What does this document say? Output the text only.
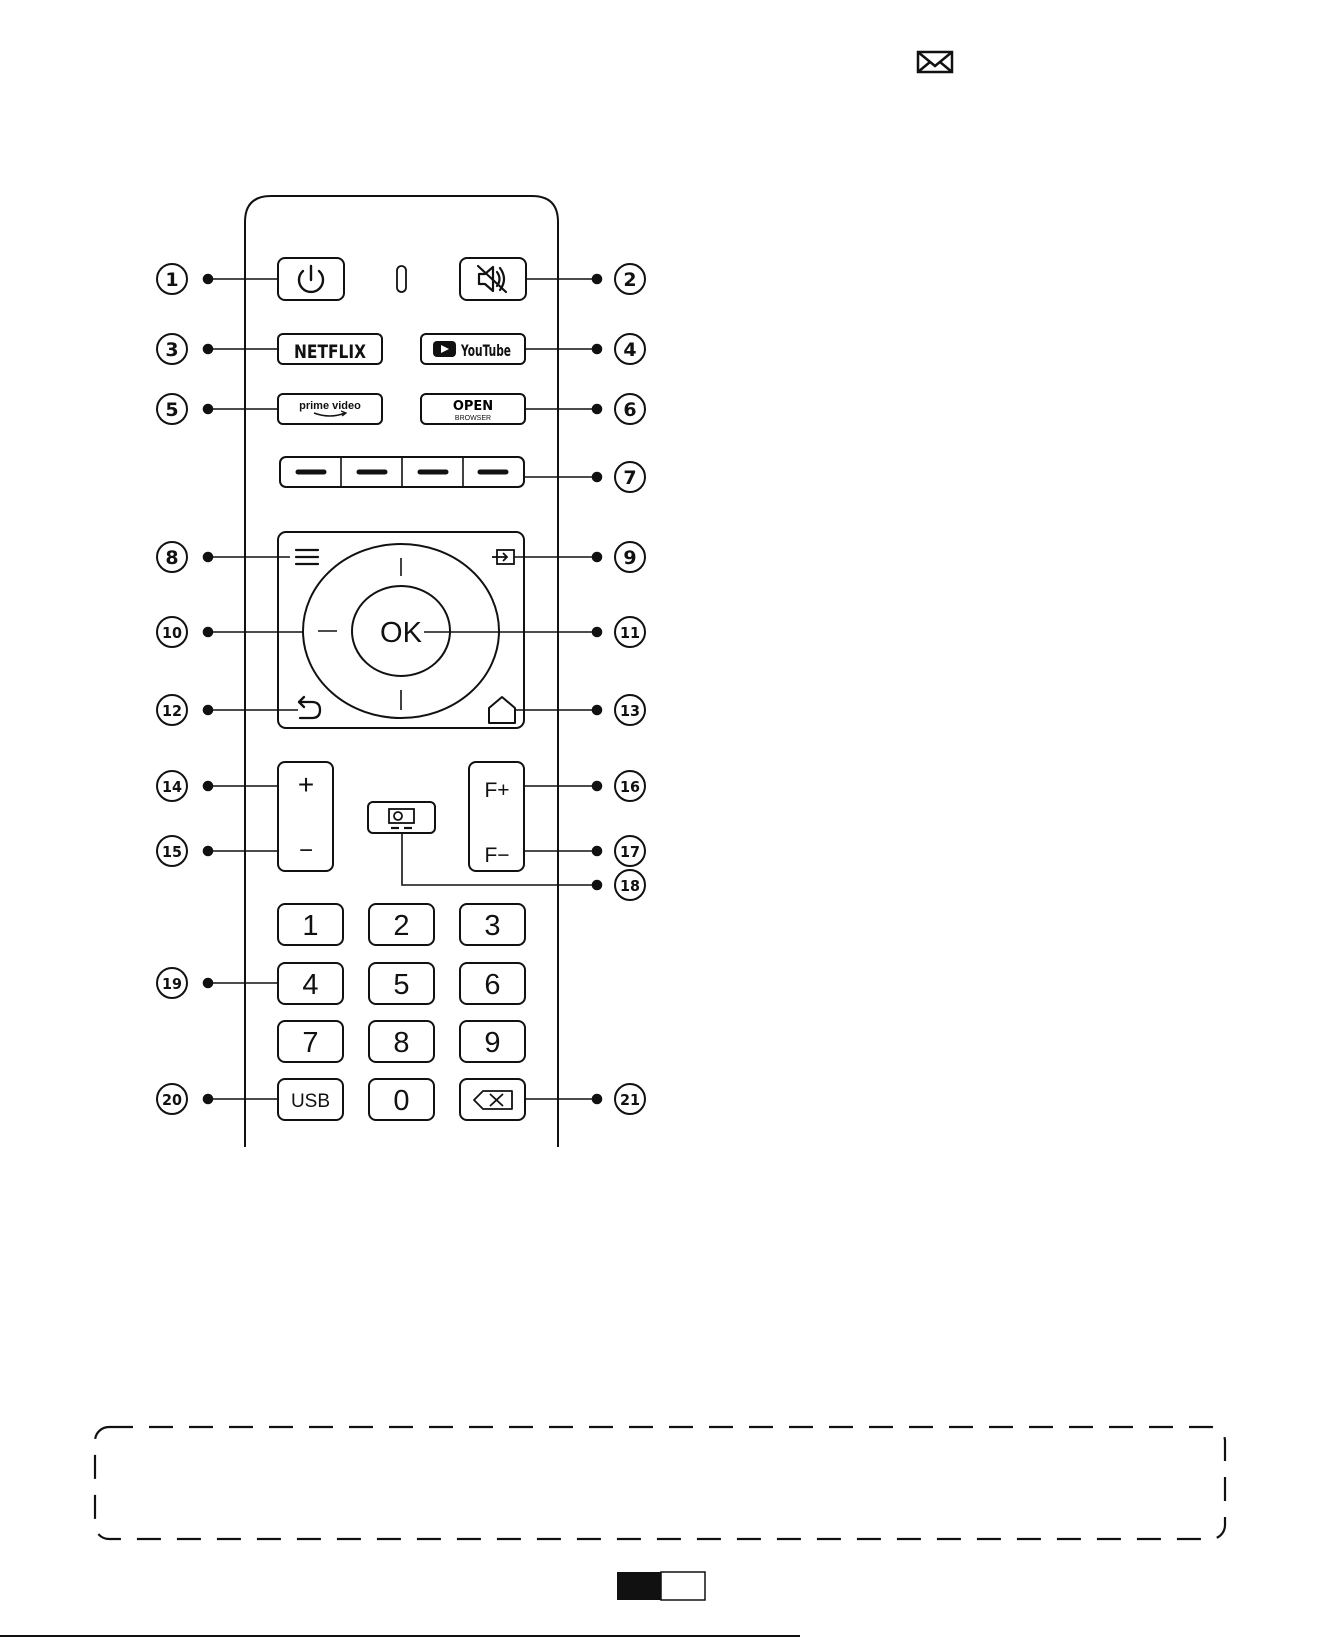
NETFLIX	YouTube
prime video	OPEN
BROWSER
OK
+
−
F+
F−
1	2	3
4	5	6
7	8	9
USB 0
1	2
3	4
5	6
7
8	9
10	11
12	13
14
15
16
17
18
19
20	21
